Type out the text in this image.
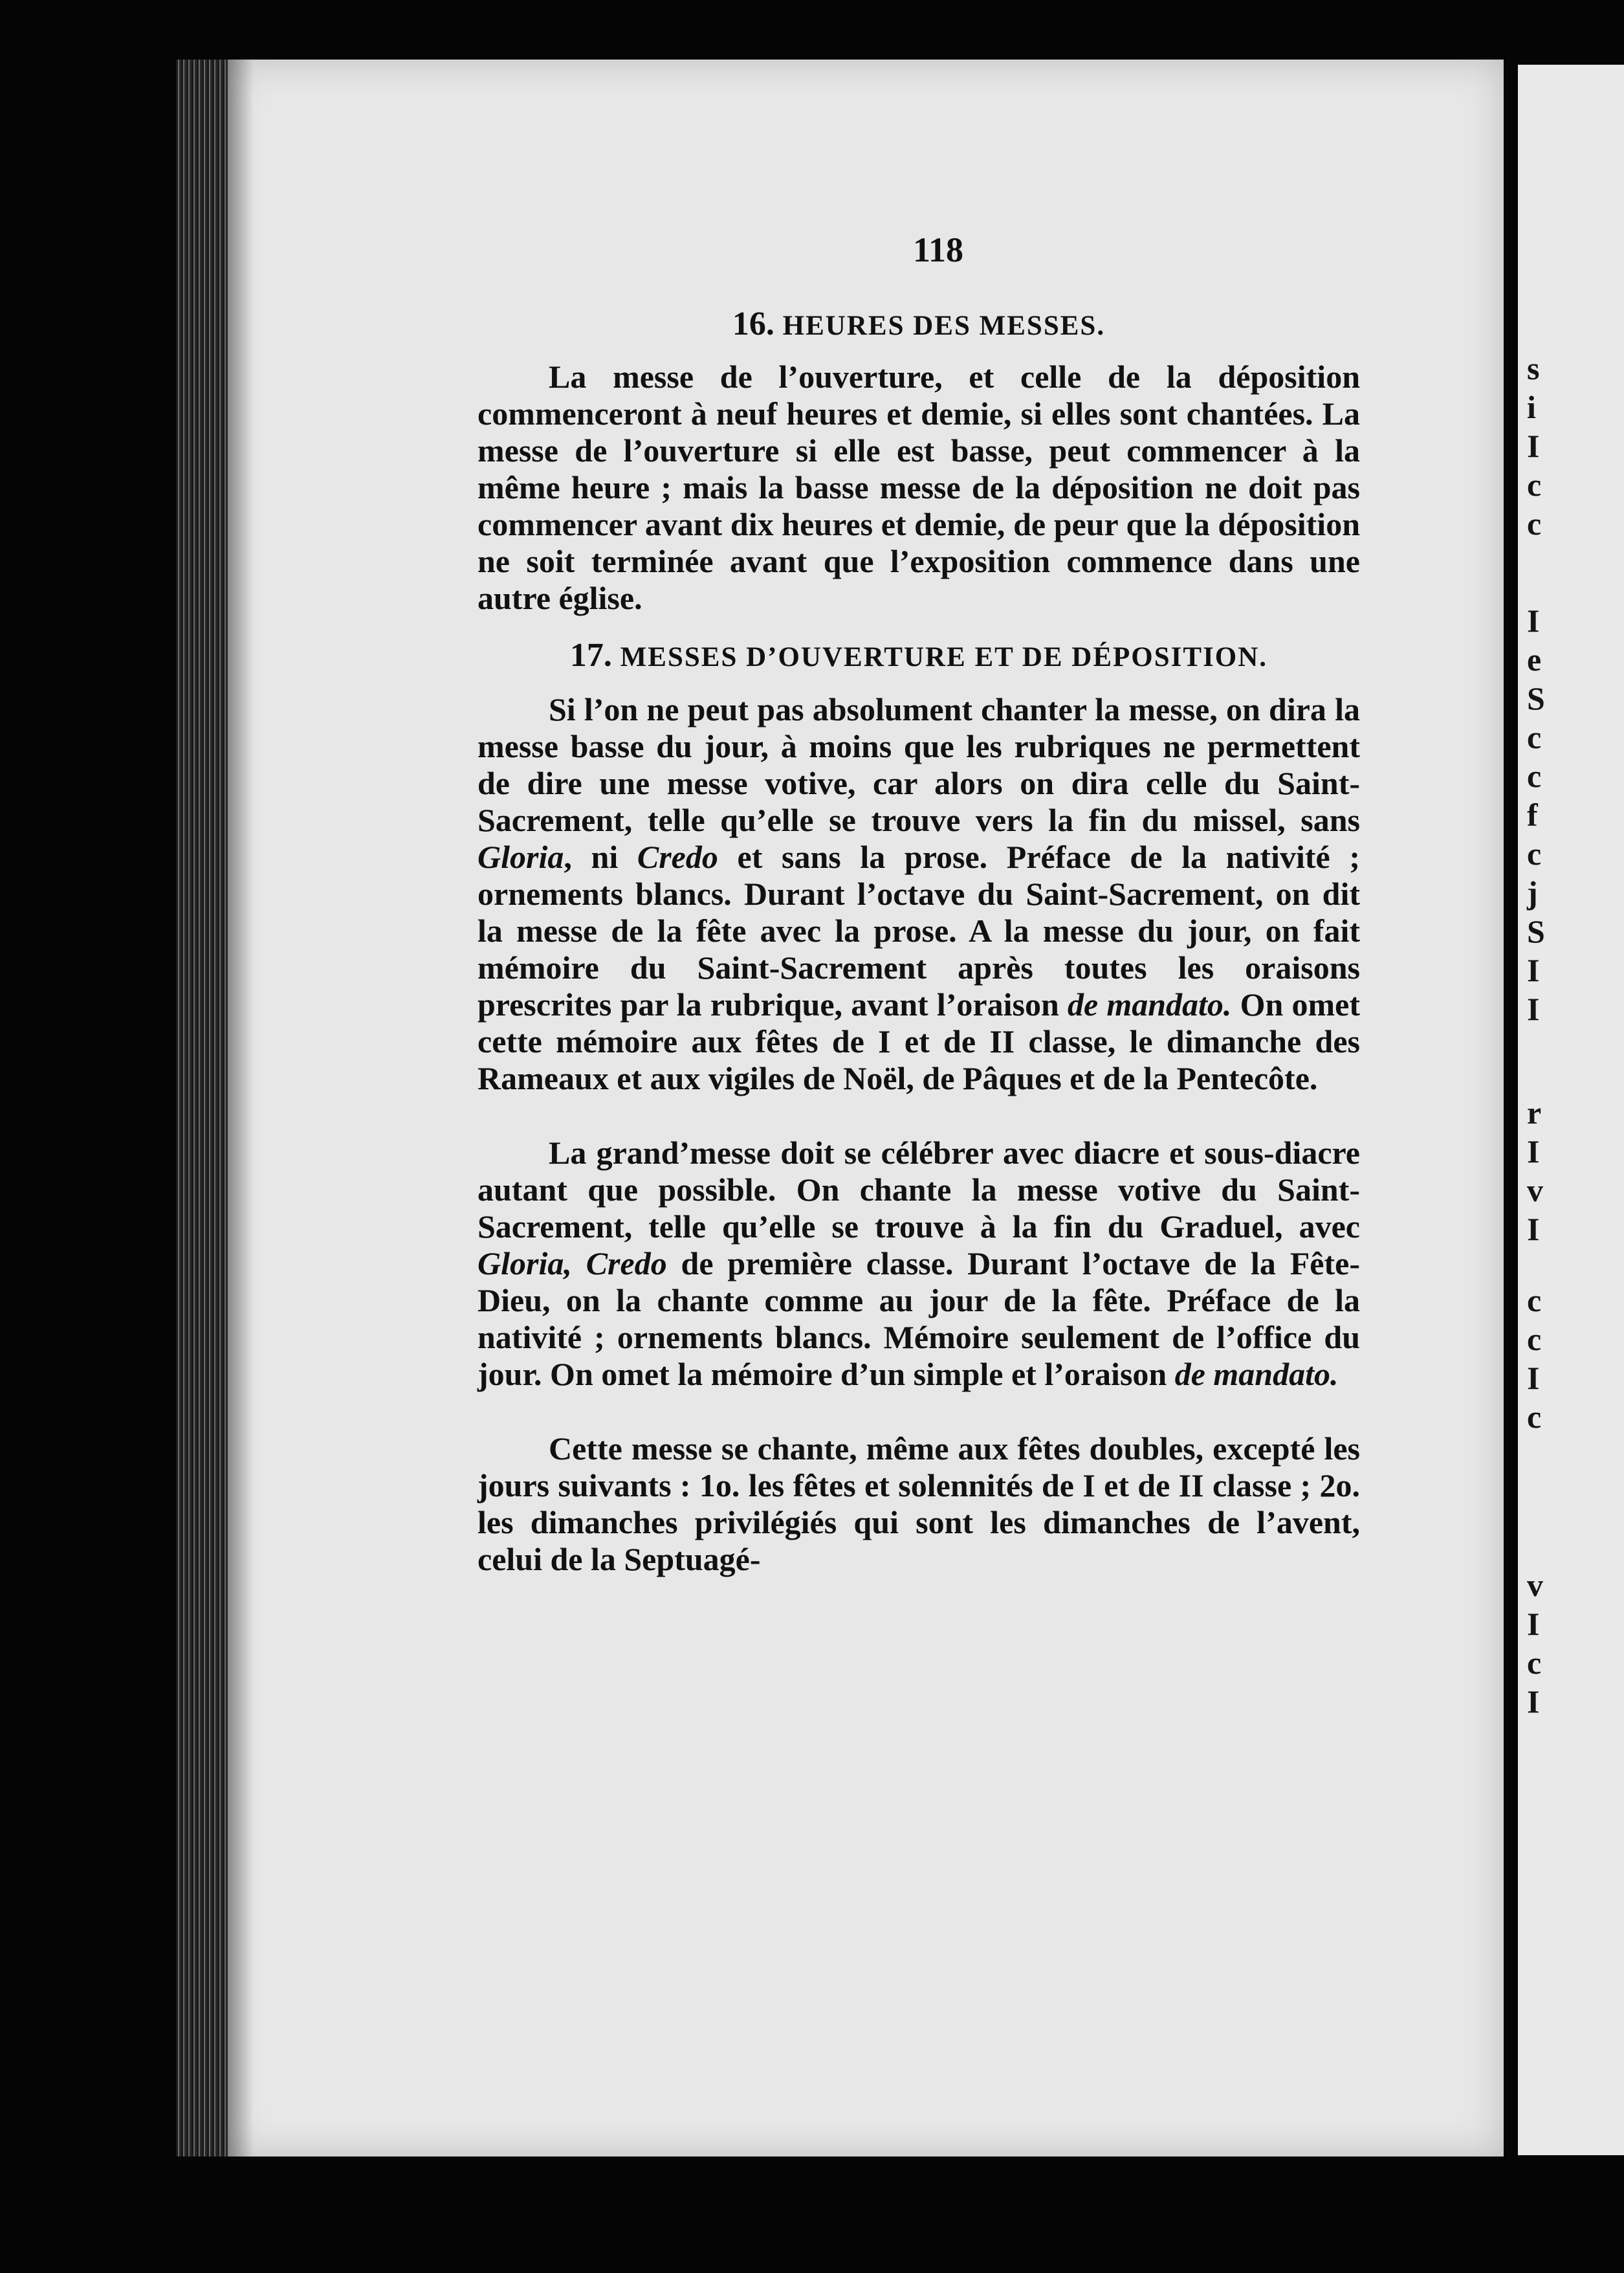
s
i
I
c
c
I
e
S
c
c
f
c
j
S
I
I
r
I
v
I
c
c
I
c
v
I
c
I
118
16. HEURES DES MESSES.

La messe de l’ouverture, et celle de la déposition commenceront à neuf heures et demie, si elles sont chantées. La messe de l’ouverture si elle est basse, peut commencer à la même heure ; mais la basse messe de la déposition ne doit pas commencer avant dix heures et demie, de peur que la déposition ne soit terminée avant que l’exposition commence dans une autre église.

17. MESSES D’OUVERTURE ET DE DÉPOSITION.

Si l’on ne peut pas absolument chanter la messe, on dira la messe basse du jour, à moins que les rubriques ne permettent de dire une messe votive, car alors on dira celle du Saint-Sacrement, telle qu’elle se trouve vers la fin du missel, sans Gloria, ni Credo et sans la prose. Préface de la nativité ; ornements blancs. Durant l’octave du Saint-Sacrement, on dit la messe de la fête avec la prose. A la messe du jour, on fait mémoire du Saint-Sacrement après toutes les oraisons prescrites par la rubrique, avant l’oraison de mandato. On omet cette mémoire aux fêtes de I et de II classe, le dimanche des Rameaux et aux vigiles de Noël, de Pâques et de la Pentecôte.

La grand’messe doit se célébrer avec diacre et sous-diacre autant que possible. On chante la messe votive du Saint-Sacrement, telle qu’elle se trouve à la fin du Graduel, avec Gloria, Credo de première classe. Durant l’octave de la Fête-Dieu, on la chante comme au jour de la fête. Préface de la nativité ; ornements blancs. Mémoire seulement de l’office du jour. On omet la mémoire d’un simple et l’oraison de mandato.

Cette messe se chante, même aux fêtes doubles, excepté les jours suivants : 1o. les fêtes et solennités de I et de II classe ; 2o. les dimanches privilégiés qui sont les dimanches de l’avent, celui de la Septuagé-
